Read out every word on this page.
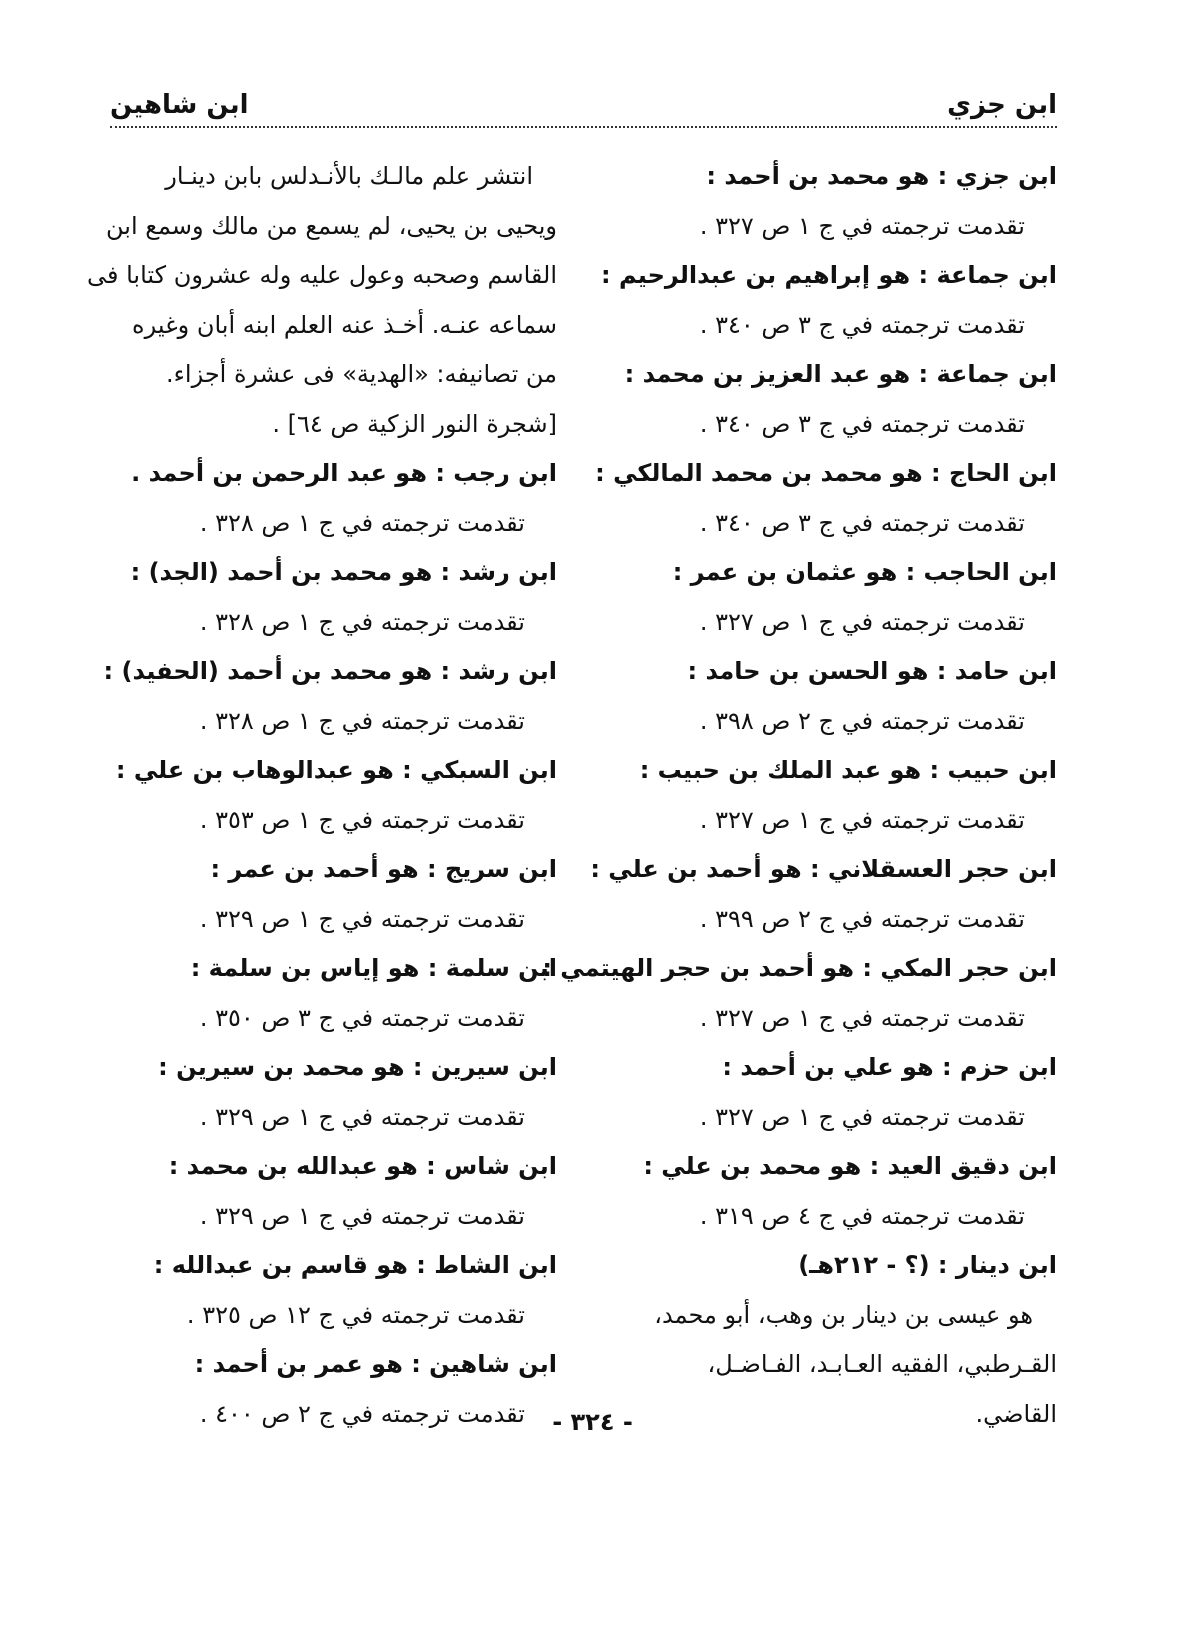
ابن جزي
ابن شاهين
ابن جزي : هو محمد بن أحمد :
تقدمت ترجمته في ج ١ ص ٣٢٧ .
ابن جماعة : هو إبراهيم بن عبدالرحيم :
تقدمت ترجمته في ج ٣ ص ٣٤٠ .
ابن جماعة : هو عبد العزيز بن محمد :
تقدمت ترجمته في ج ٣ ص ٣٤٠ .
ابن الحاج : هو محمد بن محمد المالكي :
تقدمت ترجمته في ج ٣ ص ٣٤٠ .
ابن الحاجب : هو عثمان بن عمر :
تقدمت ترجمته في ج ١ ص ٣٢٧ .
ابن حامد : هو الحسن بن حامد :
تقدمت ترجمته في ج ٢ ص ٣٩٨ .
ابن حبيب : هو عبد الملك بن حبيب :
تقدمت ترجمته في ج ١ ص ٣٢٧ .
ابن حجر العسقلاني : هو أحمد بن علي :
تقدمت ترجمته في ج ٢ ص ٣٩٩ .
ابن حجر المكي : هو أحمد بن حجر الهيتمي :
تقدمت ترجمته في ج ١ ص ٣٢٧ .
ابن حزم : هو علي بن أحمد :
تقدمت ترجمته في ج ١ ص ٣٢٧ .
ابن دقيق العيد : هو محمد بن علي :
تقدمت ترجمته في ج ٤ ص ٣١٩ .
ابن دينار : (؟ - ٢١٢هـ)
هو عيسى بن دينار بن وهب، أبو محمد،
القـرطبي، الفقيه العـابـد، الفـاضـل،
القاضي.
انتشر علم مالـك بالأنـدلس بابن دينـار
ويحيى بن يحيى، لم يسمع من مالك وسمع ابن
القاسم وصحبه وعول عليه وله عشرون كتابا فى
سماعه عنـه. أخـذ عنه العلم ابنه أبان وغيره
من تصانيفه: «الهدية» فى عشرة أجزاء.
[شجرة النور الزكية ص ٦٤] .
ابن رجب : هو عبد الرحمن بن أحمد .
تقدمت ترجمته في ج ١ ص ٣٢٨ .
ابن رشد : هو محمد بن أحمد (الجد) :
تقدمت ترجمته في ج ١ ص ٣٢٨ .
ابن رشد : هو محمد بن أحمد (الحفيد) :
تقدمت ترجمته في ج ١ ص ٣٢٨ .
ابن السبكي : هو عبدالوهاب بن علي :
تقدمت ترجمته في ج ١ ص ٣٥٣ .
ابن سريج : هو أحمد بن عمر :
تقدمت ترجمته في ج ١ ص ٣٢٩ .
ابن سلمة : هو إياس بن سلمة :
تقدمت ترجمته في ج ٣ ص ٣٥٠ .
ابن سيرين : هو محمد بن سيرين :
تقدمت ترجمته في ج ١ ص ٣٢٩ .
ابن شاس : هو عبدالله بن محمد :
تقدمت ترجمته في ج ١ ص ٣٢٩ .
ابن الشاط : هو قاسم بن عبدالله :
تقدمت ترجمته في ج ١٢ ص ٣٢٥ .
ابن شاهين : هو عمر بن أحمد :
تقدمت ترجمته في ج ٢ ص ٤٠٠ .	- ٣٢٤ -
